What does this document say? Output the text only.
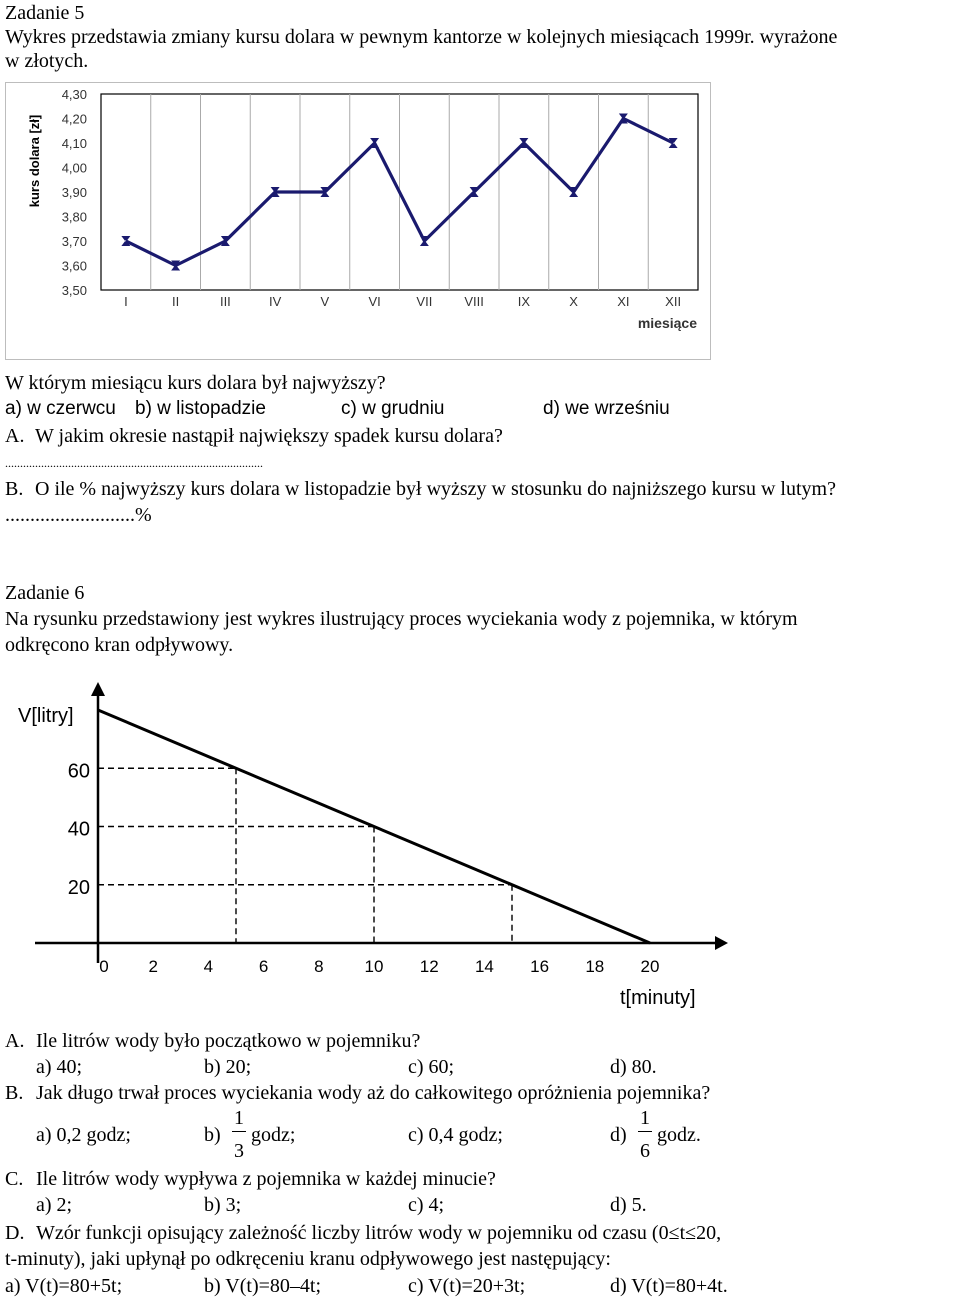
Zadanie 5
Wykres przedstawia zmiany kursu dolara w pewnym kantorze w kolejnych miesiącach 1999r. wyrażone
w złotych.
4,30
4,20
4,10
4,00
3,90
3,80
3,70
3,60
3,50
I	II	III	IV	V	VI	VII VIII	IX	X	XI	XII
kurs dolara [zł]
miesiące
W którym miesiącu kurs dolara był najwyższy?
a) w czerwcu b) w listopadzie	c) w grudniu	d) we wrześniu
A. W jakim okresie nastąpił największy spadek kursu dolara?
......................................................................................
B. O ile % najwyższy kurs dolara w listopadzie był wyższy w stosunku do najniższego kursu w lutym?
..........................%
Zadanie 6
Na rysunku przedstawiony jest wykres ilustrujący proces wyciekania wody z pojemnika, w którym
odkręcono kran odpływowy.
60
40
20
0 2	4	6	8 10 12 14 16 18 20
V[litry]
t[minuty]
A. Ile litrów wody było początkowo w pojemniku?
a) 40;	b) 20;	c) 60;	d) 80.
B. Jak długo trwał proces wyciekania wody aż do całkowitego opróżnienia pojemnika?
a) 0,2 godz;	b)
1
3
godz;	c) 0,4 godz;	d)
1
6
godz.
C. Ile litrów wody wypływa z pojemnika w każdej minucie?
a) 2;	b) 3;	c) 4;	d) 5.
D. Wzór funkcji opisujący zależność liczby litrów wody w pojemniku od czasu (0≤t≤20,
t-minuty), jaki upłynął po odkręceniu kranu odpływowego jest następujący:
a) V(t)=80+5t;	b) V(t)=80–4t;	c) V(t)=20+3t;	d) V(t)=80+4t.
